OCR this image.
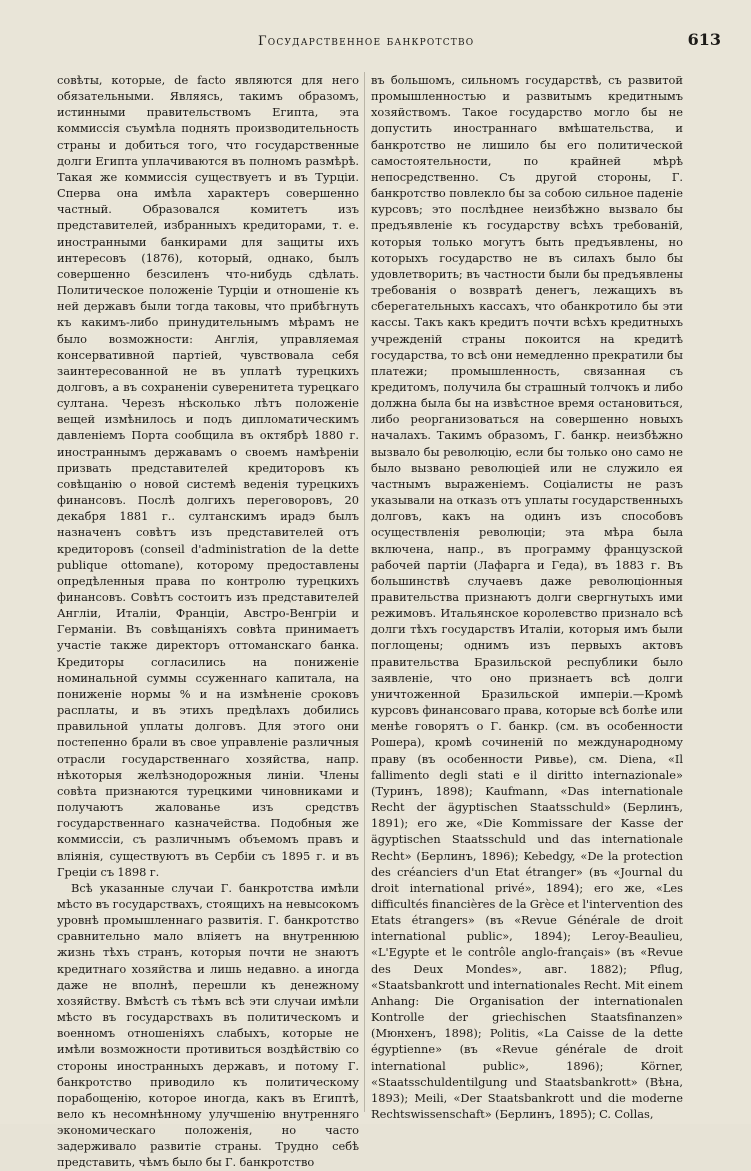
Государственное банкротство	613

совѣты, которые, de facto являются для него обязательными. Являясь, такимъ образомъ, истинными правительствомъ Египта, эта коммиссія съумѣла поднять производительность страны и добиться того, что государственные долги Египта уплачиваются въ полномъ размѣрѣ. Такая же коммиссія существуетъ и въ Турціи. Сперва она имѣла характеръ совершенно частный. Образовался комитетъ изъ представителей, избранныхъ кредиторами, т. е. иностранными банкирами для защиты ихъ интересовъ (1876), который, однако, былъ совершенно безсиленъ что-нибудь сдѣлать. Политическое положеніе Турціи и отношеніе къ ней державъ были тогда таковы, что прибѣгнуть къ какимъ-либо принудительнымъ мѣрамъ не было возможности: Англія, управляемая консервативной партіей, чувствовала себя заинтересованной не въ уплатѣ турецкихъ долговъ, а въ сохраненіи суверенитета турецкаго султана. Черезъ нѣсколько лѣтъ положеніе вещей измѣнилось и подъ дипломатическимъ давленіемъ Порта сообщила въ октябрѣ 1880 г. иностраннымъ державамъ о своемъ намѣреніи призвать представителей кредиторовъ къ совѣщанію о новой системѣ веденія турецкихъ финансовъ. Послѣ долгихъ переговоровъ, 20 декабря 1881 г.. султанскимъ ирадэ былъ назначенъ совѣтъ изъ представителей отъ кредиторовъ (conseil d'administration de la dette publique ottomane), которому предоставлены опредѣленныя права по контролю турецкихъ финансовъ. Совѣтъ состоитъ изъ представителей Англіи, Италіи, Франціи, Австро-Венгріи и Германіи. Въ совѣщаніяхъ совѣта принимаетъ участіе также директоръ оттоманскаго банка. Кредиторы согласились на пониженіе номинальной суммы ссуженнаго капитала, на пониженіе нормы % и на измѣненіе сроковъ расплаты, и въ этихъ предѣлахъ добились правильной уплаты долговъ. Для этого они постепенно брали въ свое управленіе различныя отрасли государственнаго хозяйства, напр. нѣкоторыя желѣзнодорожныя линіи. Члены совѣта признаются турецкими чиновниками и получаютъ жалованье изъ средствъ государственнаго казначейства. Подобныя же коммиссіи, съ различнымъ объемомъ правъ и вліянія, существуютъ въ Сербіи съ 1895 г. и въ Греціи съ 1898 г.

Всѣ указанные случаи Г. банкротства имѣли мѣсто въ государствахъ, стоящихъ на невысокомъ уровнѣ промышленнаго развитія. Г. банкротство сравнительно мало вліяетъ на внутреннюю жизнь тѣхъ странъ, которыя почти не знаютъ кредитнаго хозяйства и лишь недавно. а иногда даже не вполнѣ, перешли къ денежному хозяйству. Вмѣстѣ съ тѣмъ всѣ эти случаи имѣли мѣсто въ государствахъ въ политическомъ и военномъ отношеніяхъ слабыхъ, которые не имѣли возможности противиться воздѣйствію со стороны иностранныхъ державъ, и потому Г. банкротство приводило къ политическому порабощенію, которое иногда, какъ въ Египтѣ, вело къ несомнѣнному улучшенію внутренняго экономическаго положенія, но часто задерживало развитіе страны. Трудно себѣ представить, чѣмъ было бы Г. банкротство

въ большомъ, сильномъ государствѣ, съ развитой промышленностью и развитымъ кредитнымъ хозяйствомъ. Такое государство могло бы не допустить иностраннаго вмѣшательства, и банкротство не лишило бы его политической самостоятельности, по крайней мѣрѣ непосредственно. Съ другой стороны, Г. банкротство повлекло бы за собою сильное паденіе курсовъ; это послѣднее неизбѣжно вызвало бы предъявленіе къ государству всѣхъ требованій, которыя только могутъ быть предъявлены, но которыхъ государство не въ силахъ было бы удовлетворить; въ частности были бы предъявлены требованія о возвратѣ денегъ, лежащихъ въ сберегательныхъ кассахъ, что обанкротило бы эти кассы. Такъ какъ кредитъ почти всѣхъ кредитныхъ учрежденій страны покоится на кредитѣ государства, то всѣ они немедленно прекратили бы платежи; промышленность, связанная съ кредитомъ, получила бы страшный толчокъ и либо должна была бы на извѣстное время остановиться, либо реорганизоваться на совершенно новыхъ началахъ. Такимъ образомъ, Г. банкр. неизбѣжно вызвало бы революцію, если бы только оно само не было вызвано революціей или не служило ея частнымъ выраженіемъ. Соціалисты не разъ указывали на отказъ отъ уплаты государственныхъ долговъ, какъ на одинъ изъ способовъ осуществленія революціи; эта мѣра была включена, напр., въ программу французской рабочей партіи (Лафарга и Геда), въ 1883 г. Въ большинствѣ случаевъ даже революціонныя правительства признаютъ долги свергнутыхъ ими режимовъ. Итальянское королевство признало всѣ долги тѣхъ государствъ Италіи, которыя имъ были поглощены; однимъ изъ первыхъ актовъ правительства Бразильской республики было заявленіе, что оно признаетъ всѣ долги уничтоженной Бразильской имперіи.—Кромѣ курсовъ финансоваго права, которые всѣ болѣе или менѣе говорятъ о Г. банкр. (см. въ особенности Рошера), кромѣ сочиненій по международному праву (въ особенности Ривье), см. Diena, «Il fallimento degli stati e il diritto internazionale» (Туринъ, 1898); Kaufmann, «Das internationale Recht der ägyptischen Staatsschuld» (Берлинъ, 1891); его же, «Die Kommissare der Kasse der ägyptischen Staatsschuld und das internationale Recht» (Берлинъ, 1896); Kebedgy, «De la protection des créanciers d'un Etat étranger» (въ «Journal du droit international privé», 1894); его же, «Les difficultés financières de la Grèce et l'intervention des Etats étrangers» (въ «Revue Générale de droit international public», 1894); Leroy-Beaulieu, «L'Egypte et le contrôle anglo-français» (въ «Revue des Deux Mondes», авг. 1882); Pflug, «Staatsbankrott und internationales Recht. Mit einem Anhang: Die Organisation der internationalen Kontrolle der griechischen Staatsfinanzen» (Мюнхенъ, 1898); Politis, «La Caisse de la dette égyptienne» (въ «Revue générale de droit international public», 1896); Körner, «Staatsschuldentilgung und Staatsbankrott» (Вѣна, 1893); Meili, «Der Staatsbankrott und die moderne Rechtswissenschaft» (Берлинъ, 1895); C. Collas,
